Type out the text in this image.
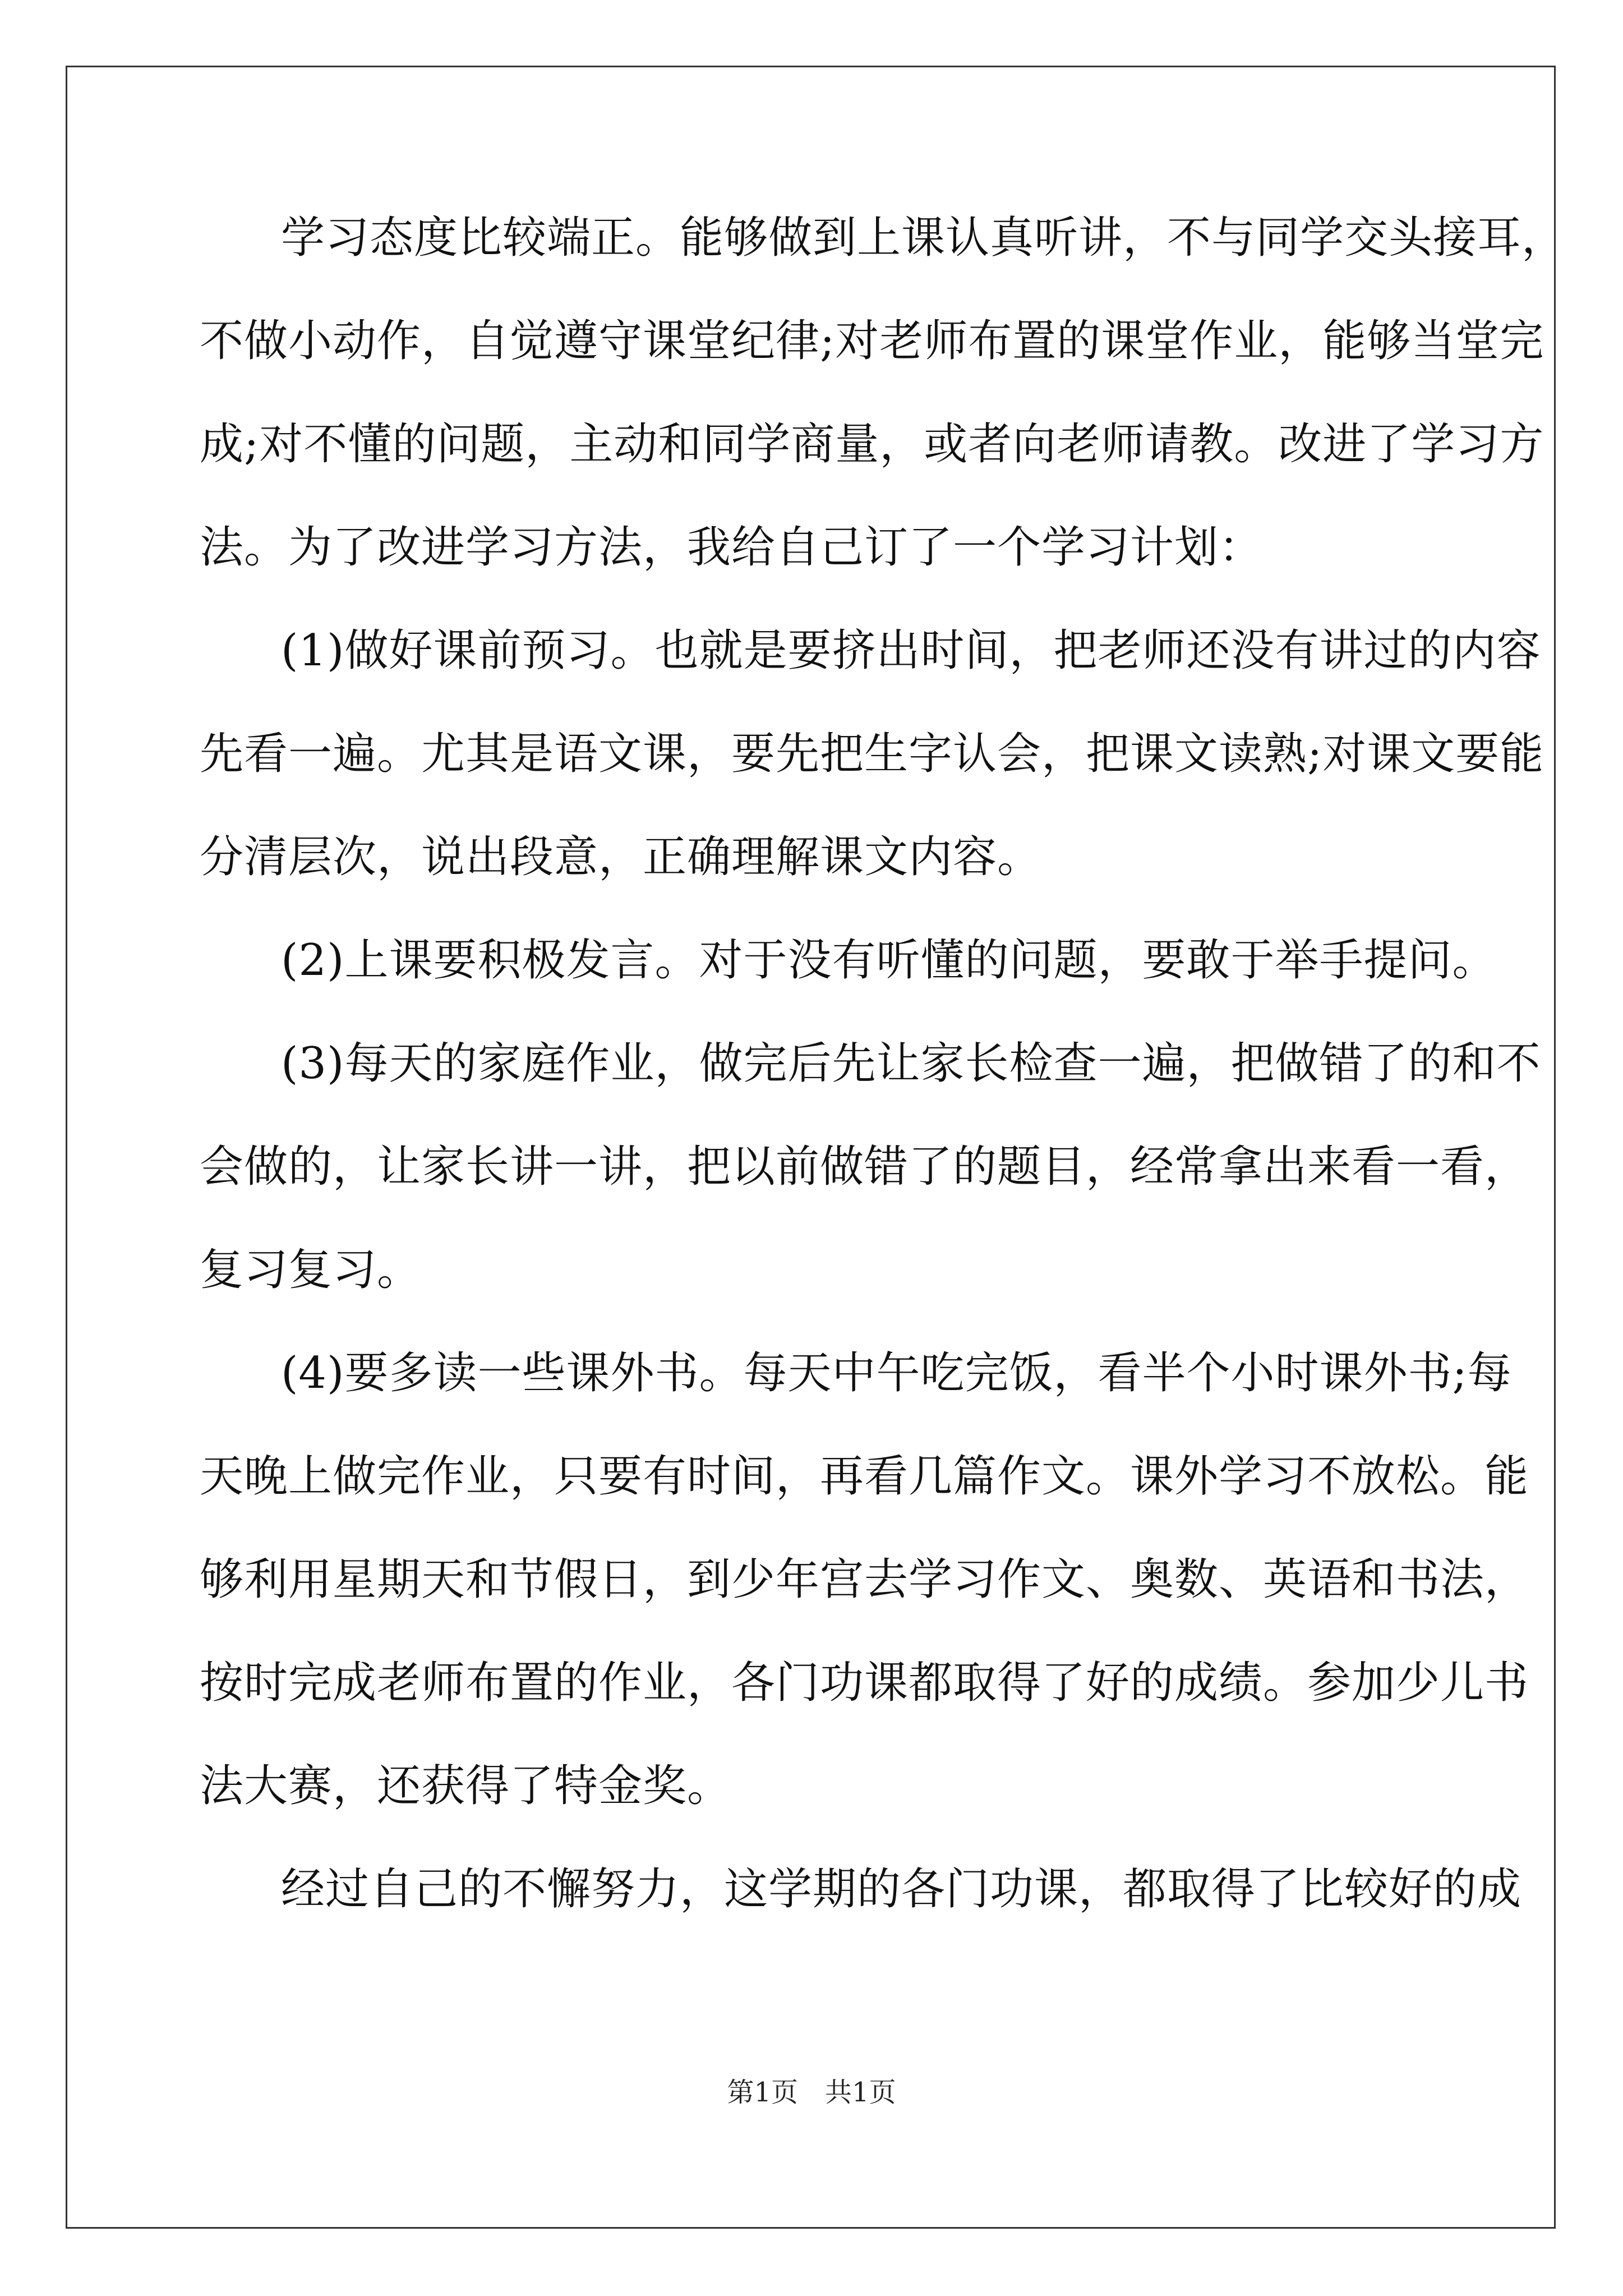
学习态度比较端正。能够做到上课认真听讲，不与同学交头接耳，
不做小动作，自觉遵守课堂纪律;对老师布置的课堂作业，能够当堂完
成;对不懂的问题，主动和同学商量，或者向老师请教。改进了学习方
法。为了改进学习方法，我给自己订了一个学习计划：
(1)做好课前预习。也就是要挤出时间，把老师还没有讲过的内容
先看一遍。尤其是语文课，要先把生字认会，把课文读熟;对课文要能
分清层次，说出段意，正确理解课文内容。
(2)上课要积极发言。对于没有听懂的问题，要敢于举手提问。
(3)每天的家庭作业，做完后先让家长检查一遍，把做错了的和不
会做的，让家长讲一讲，把以前做错了的题目，经常拿出来看一看，
复习复习。
(4)要多读一些课外书。每天中午吃完饭，看半个小时课外书;每
天晚上做完作业，只要有时间，再看几篇作文。课外学习不放松。能
够利用星期天和节假日，到少年宫去学习作文、奥数、英语和书法，
按时完成老师布置的作业，各门功课都取得了好的成绩。参加少儿书
法大赛，还获得了特金奖。
经过自己的不懈努力，这学期的各门功课，都取得了比较好的成
第1页　共1页
